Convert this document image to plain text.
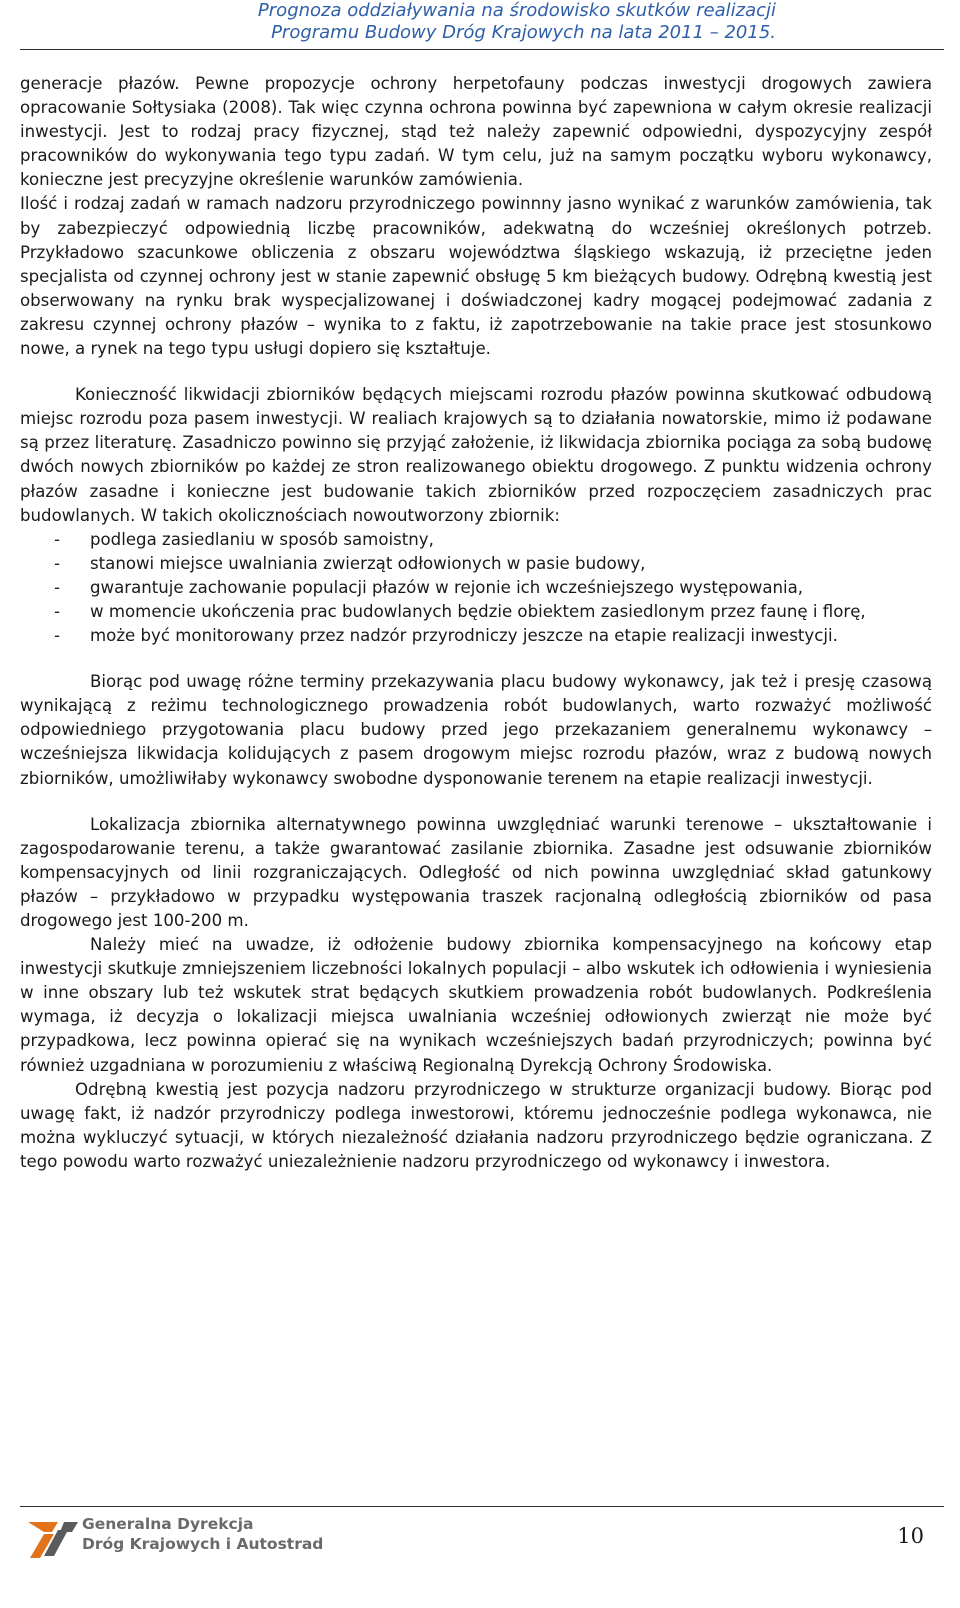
Prognoza oddziaływania na środowisko skutków realizacji
Programu Budowy Dróg Krajowych na lata 2011 – 2015.

generacje płazów. Pewne propozycje ochrony herpetofauny podczas inwestycji drogowych zawiera opracowanie Sołtysiaka (2008). Tak więc czynna ochrona powinna być zapewniona w całym okresie realizacji inwestycji. Jest to rodzaj pracy fizycznej, stąd też należy zapewnić odpowiedni, dyspozycyjny zespół pracowników do wykonywania tego typu zadań. W tym celu, już na samym początku wyboru wykonawcy, konieczne jest precyzyjne określenie warunków zamówienia.

Ilość i rodzaj zadań w ramach nadzoru przyrodniczego powinnny jasno wynikać z warunków zamówienia, tak by zabezpieczyć odpowiednią liczbę pracowników, adekwatną do wcześniej określonych potrzeb. Przykładowo szacunkowe obliczenia z obszaru województwa śląskiego wskazują, iż przeciętne jeden specjalista od czynnej ochrony jest w stanie zapewnić obsługę 5 km bieżących budowy. Odrębną kwestią jest obserwowany na rynku brak wyspecjalizowanej i doświadczonej kadry mogącej podejmować zadania z zakresu czynnej ochrony płazów – wynika to z faktu, iż zapotrzebowanie na takie prace jest stosunkowo nowe, a rynek na tego typu usługi dopiero się kształtuje.

Konieczność likwidacji zbiorników będących miejscami rozrodu płazów powinna skutkować odbudową miejsc rozrodu poza pasem inwestycji. W realiach krajowych są to działania nowatorskie, mimo iż podawane są przez literaturę. Zasadniczo powinno się przyjąć założenie, iż likwidacja zbiornika pociąga za sobą budowę dwóch nowych zbiorników po każdej ze stron realizowanego obiektu drogowego. Z punktu widzenia ochrony płazów zasadne i konieczne jest budowanie takich zbiorników przed rozpoczęciem zasadniczych prac budowlanych. W takich okolicznościach nowoutworzony zbiornik:

- podlega zasiedlaniu w sposób samoistny,
- stanowi miejsce uwalniania zwierząt odłowionych w pasie budowy,
- gwarantuje zachowanie populacji płazów w rejonie ich wcześniejszego występowania,
- w momencie ukończenia prac budowlanych będzie obiektem zasiedlonym przez faunę i florę,
- może być monitorowany przez nadzór przyrodniczy jeszcze na etapie realizacji inwestycji.

Biorąc pod uwagę różne terminy przekazywania placu budowy wykonawcy, jak też i presję czasową wynikającą z reżimu technologicznego prowadzenia robót budowlanych, warto rozważyć możliwość odpowiedniego przygotowania placu budowy przed jego przekazaniem generalnemu wykonawcy – wcześniejsza likwidacja kolidujących z pasem drogowym miejsc rozrodu płazów, wraz z budową nowych zbiorników, umożliwiłaby wykonawcy swobodne dysponowanie terenem na etapie realizacji inwestycji.

Lokalizacja zbiornika alternatywnego powinna uwzględniać warunki terenowe – ukształtowanie i zagospodarowanie terenu, a także gwarantować zasilanie zbiornika. Zasadne jest odsuwanie zbiorników kompensacyjnych od linii rozgraniczających. Odległość od nich powinna uwzględniać skład gatunkowy płazów – przykładowo w przypadku występowania traszek racjonalną odległością zbiorników od pasa drogowego jest 100-200 m.

Należy mieć na uwadze, iż odłożenie budowy zbiornika kompensacyjnego na końcowy etap inwestycji skutkuje zmniejszeniem liczebności lokalnych populacji – albo wskutek ich odłowienia i wyniesienia w inne obszary lub też wskutek strat będących skutkiem prowadzenia robót budowlanych. Podkreślenia wymaga, iż decyzja o lokalizacji miejsca uwalniania wcześniej odłowionych zwierząt nie może być przypadkowa, lecz powinna opierać się na wynikach wcześniejszych badań przyrodniczych; powinna być również uzgadniana w porozumieniu z właściwą Regionalną Dyrekcją Ochrony Środowiska.

Odrębną kwestią jest pozycja nadzoru przyrodniczego w strukturze organizacji budowy. Biorąc pod uwagę fakt, iż nadzór przyrodniczy podlega inwestorowi, któremu jednocześnie podlega wykonawca, nie można wykluczyć sytuacji, w których niezależność działania nadzoru przyrodniczego będzie ograniczana. Z tego powodu warto rozważyć uniezależnienie nadzoru przyrodniczego od wykonawcy i inwestora.

Generalna Dyrekcja
Dróg Krajowych i Autostrad	10
